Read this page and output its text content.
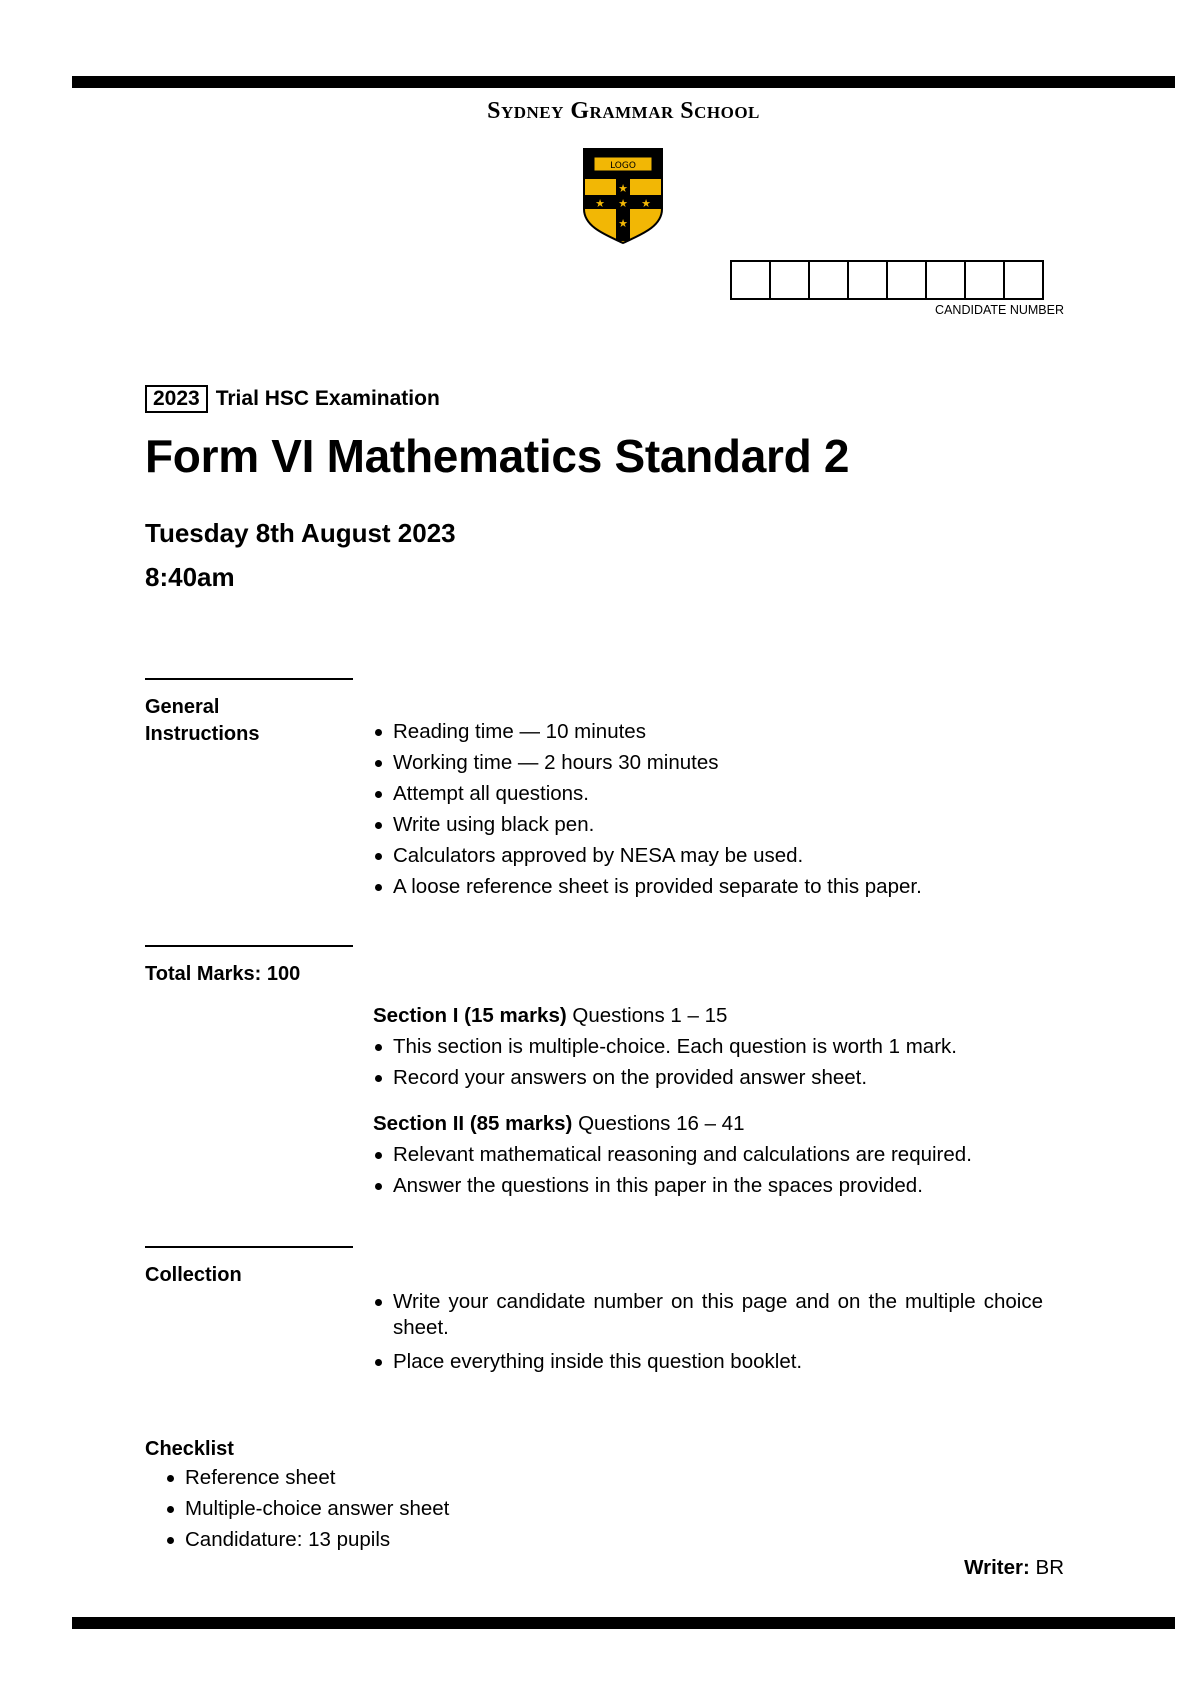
Sydney Grammar School
LOGO
★
★ ★ ★
★
CANDIDATE NUMBER
2023 Trial HSC Examination
Form VI Mathematics Standard 2
Tuesday 8th August 2023
8:40am
General
Instructions	Reading time — 10 minutes
Working time — 2 hours 30 minutes
Attempt all questions.
Write using black pen.
Calculators approved by NESA may be used.
A loose reference sheet is provided separate to this paper.
Total Marks: 100
Section I (15 marks) Questions 1 – 15
This section is multiple-choice. Each question is worth 1 mark.
Record your answers on the provided answer sheet.
Section II (85 marks) Questions 16 – 41
Relevant mathematical reasoning and calculations are required.
Answer the questions in this paper in the spaces provided.
Collection
Write your candidate number on this page and on the multiple choice sheet.
Place everything inside this question booklet.
Checklist
Reference sheet
Multiple-choice answer sheet
Candidature: 13 pupils
Writer: BR
